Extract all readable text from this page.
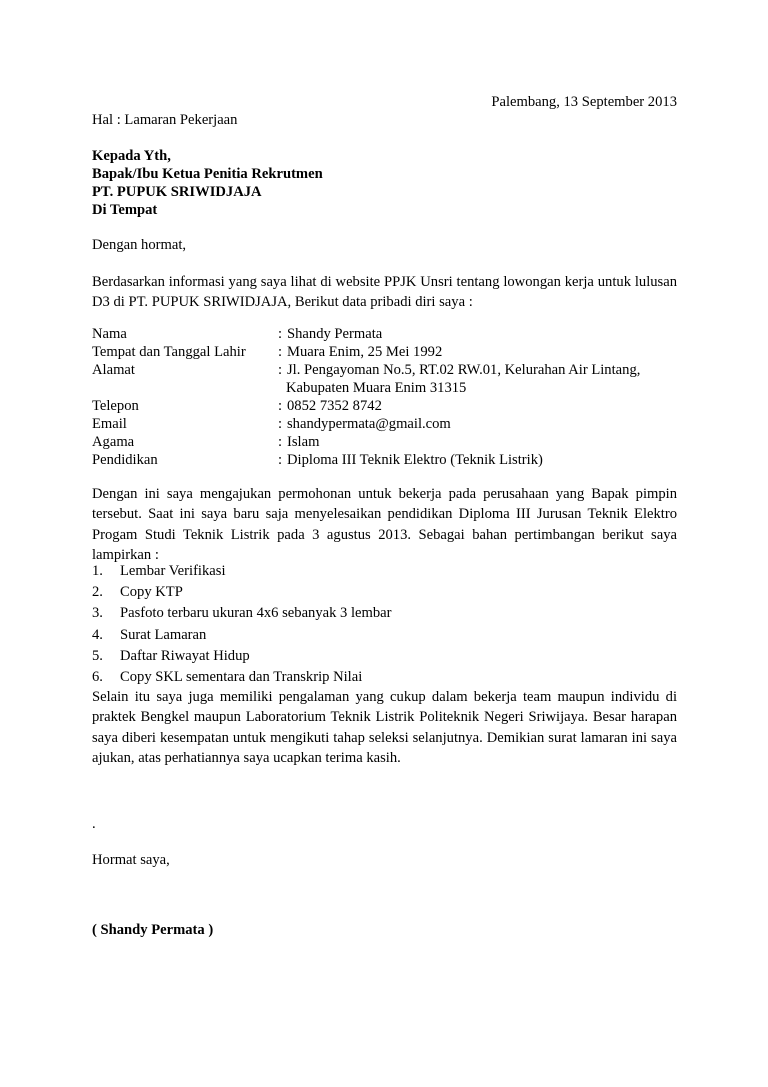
Palembang, 13 September 2013
Hal : Lamaran Pekerjaan
Kepada Yth,
Bapak/Ibu Ketua Penitia Rekrutmen
PT. PUPUK SRIWIDJAJA
Di Tempat
Dengan hormat,
Berdasarkan informasi yang saya lihat di website PPJK Unsri tentang lowongan kerja untuk lulusan D3 di PT. PUPUK SRIWIDJAJA, Berikut data pribadi diri saya :
Nama	: Shandy Permata
Tempat dan Tanggal Lahir : Muara Enim, 25 Mei 1992
Alamat	: Jl. Pengayoman No.5, RT.02 RW.01, Kelurahan Air Lintang,
Kabupaten Muara Enim 31315
Telepon	: 0852 7352 8742
Email	: shandypermata@gmail.com
Agama	: Islam
Pendidikan	: Diploma III Teknik Elektro (Teknik Listrik)
Dengan ini saya mengajukan permohonan untuk bekerja pada perusahaan yang Bapak pimpin tersebut. Saat ini saya baru saja menyelesaikan pendidikan Diploma III Jurusan Teknik Elektro Progam Studi Teknik Listrik pada 3 agustus 2013. Sebagai bahan pertimbangan berikut saya lampirkan :
1. Lembar Verifikasi
2. Copy KTP
3. Pasfoto terbaru ukuran 4x6 sebanyak 3 lembar
4. Surat Lamaran
5. Daftar Riwayat Hidup
6. Copy SKL sementara dan Transkrip Nilai
Selain itu saya juga memiliki pengalaman yang cukup dalam bekerja team maupun individu di praktek Bengkel maupun Laboratorium Teknik Listrik Politeknik Negeri Sriwijaya. Besar harapan saya diberi kesempatan untuk mengikuti tahap seleksi selanjutnya. Demikian surat lamaran ini saya ajukan, atas perhatiannya saya ucapkan terima kasih.
.
Hormat saya,
( Shandy Permata )
